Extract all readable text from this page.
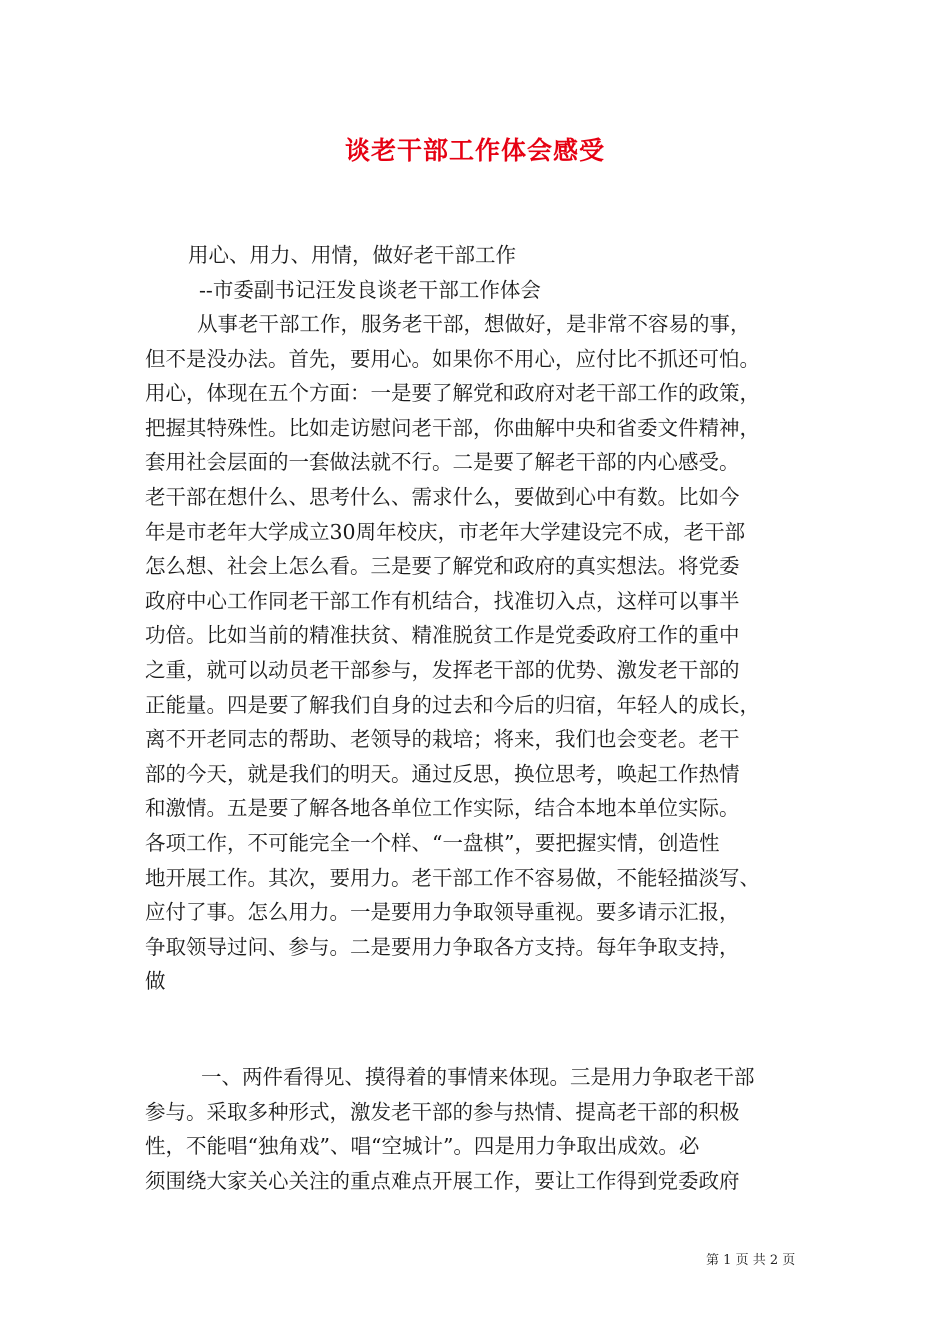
谈老干部工作体会感受
用心、用力、用情，做好老干部工作
--市委副书记汪发良谈老干部工作体会
从事老干部工作，服务老干部，想做好，是非常不容易的事，
但不是没办法。首先，要用心。如果你不用心，应付比不抓还可怕。
用心，体现在五个方面：一是要了解党和政府对老干部工作的政策，
把握其特殊性。比如走访慰问老干部，你曲解中央和省委文件精神，
套用社会层面的一套做法就不行。二是要了解老干部的内心感受。
老干部在想什么、思考什么、需求什么，要做到心中有数。比如今
年是市老年大学成立30周年校庆，市老年大学建设完不成，老干部
怎么想、社会上怎么看。三是要了解党和政府的真实想法。将党委
政府中心工作同老干部工作有机结合，找准切入点，这样可以事半
功倍。比如当前的精准扶贫、精准脱贫工作是党委政府工作的重中
之重，就可以动员老干部参与，发挥老干部的优势、激发老干部的
正能量。四是要了解我们自身的过去和今后的归宿，年轻人的成长，
离不开老同志的帮助、老领导的栽培；将来，我们也会变老。老干
部的今天，就是我们的明天。通过反思，换位思考，唤起工作热情
和激情。五是要了解各地各单位工作实际，结合本地本单位实际。
各项工作，不可能完全一个样、“一盘棋”，要把握实情，创造性
地开展工作。其次，要用力。老干部工作不容易做，不能轻描淡写、
应付了事。怎么用力。一是要用力争取领导重视。要多请示汇报，
争取领导过问、参与。二是要用力争取各方支持。每年争取支持，
做
一、两件看得见、摸得着的事情来体现。三是用力争取老干部
参与。采取多种形式，激发老干部的参与热情、提高老干部的积极
性，不能唱“独角戏”、唱“空城计”。四是用力争取出成效。必
须围绕大家关心关注的重点难点开展工作，要让工作得到党委政府
第 1 页 共 2 页
